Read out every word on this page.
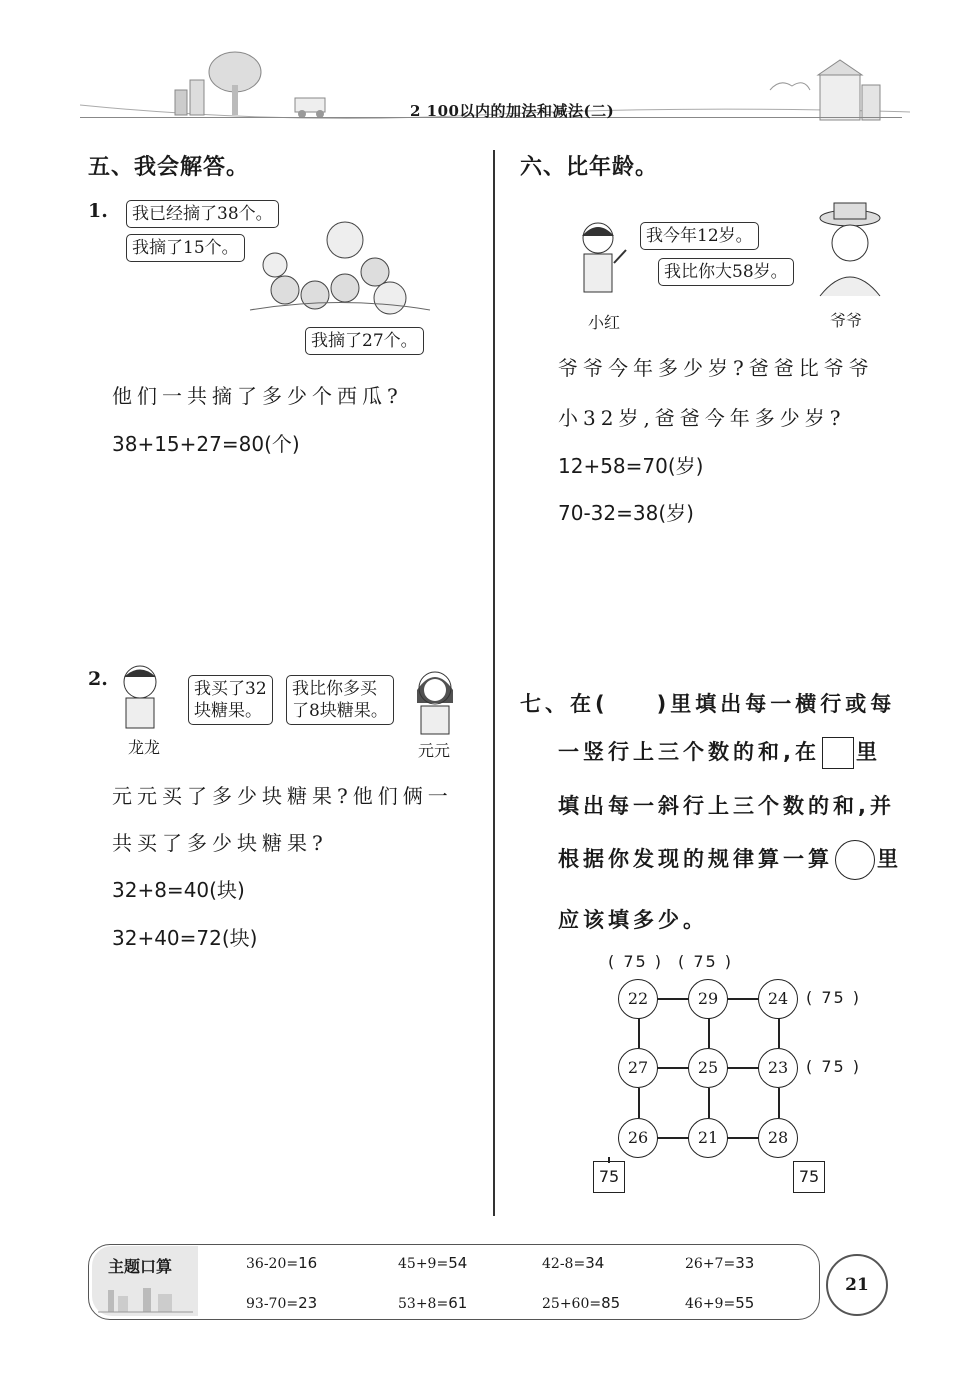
2 100以内的加法和减法(二)
五、我会解答。
1.	我已经摘了38个。
我摘了15个。
我摘了27个。
他们一共摘了多少个西瓜?
38+15+27=80(个)
2.	我买了32
块糖果。
我比你多买
了8块糖果。
龙龙	元元
元元买了多少块糖果?他们俩一
共买了多少块糖果?
32+8=40(块)
32+40=72(块)
六、比年龄。
我今年12岁。
我比你大58岁。
小红	爷爷
爷爷今年多少岁?爸爸比爷爷
小32岁,爸爸今年多少岁?
12+58=70(岁)
70-32=38(岁)
七、在( )里填出每一横行或每
一竖行上三个数的和,在 里
填出每一斜行上三个数的和,并
根据你发现的规律算一算 里
应该填多少。
( 75 ) ( 75 )
22	29	24
27	25	23
26	21	28
( 75 )
( 75 )
75	75
主题口算	36-20=16	45+9=54	42-8=34	26+7=33
93-70=23	53+8=61	25+60=85	46+9=55
21
